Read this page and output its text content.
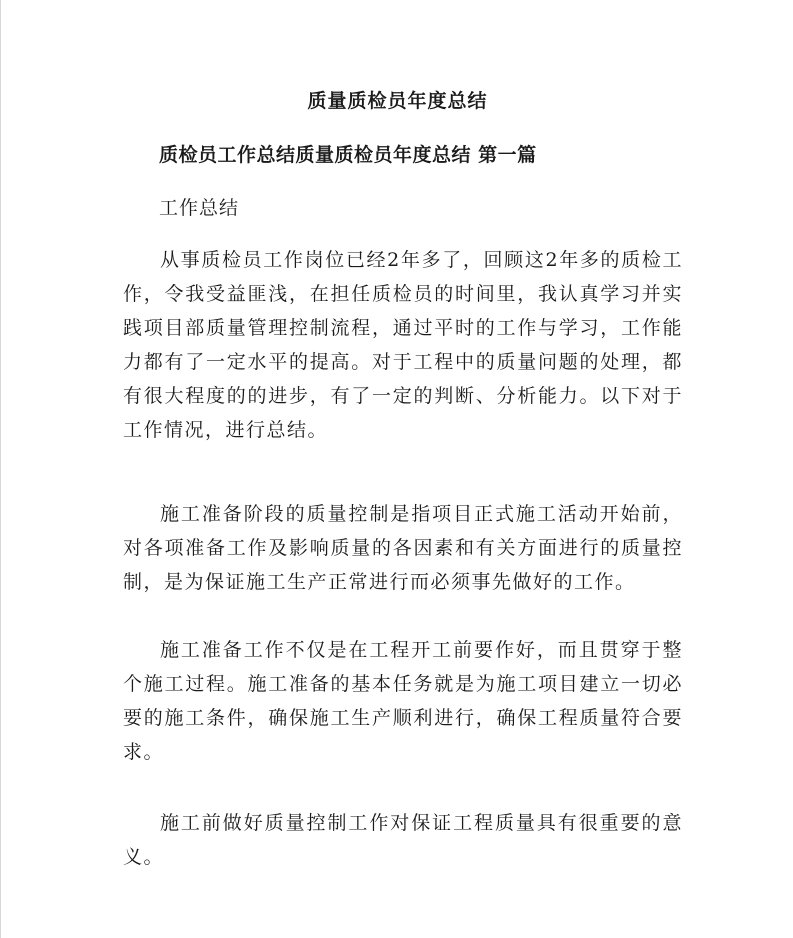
质量质检员年度总结
质检员工作总结质量质检员年度总结 第一篇
工作总结

从事质检员工作岗位已经2年多了，回顾这2年多的质检工作，令我受益匪浅，在担任质检员的时间里，我认真学习并实践项目部质量管理控制流程，通过平时的工作与学习，工作能力都有了一定水平的提高。对于工程中的质量问题的处理，都有很大程度的的进步，有了一定的判断、分析能力。以下对于工作情况，进行总结。

施工准备阶段的质量控制是指项目正式施工活动开始前，对各项准备工作及影响质量的各因素和有关方面进行的质量控制，是为保证施工生产正常进行而必须事先做好的工作。

施工准备工作不仅是在工程开工前要作好，而且贯穿于整个施工过程。施工准备的基本任务就是为施工项目建立一切必要的施工条件，确保施工生产顺利进行，确保工程质量符合要求。

施工前做好质量控制工作对保证工程质量具有很重要的意义。
